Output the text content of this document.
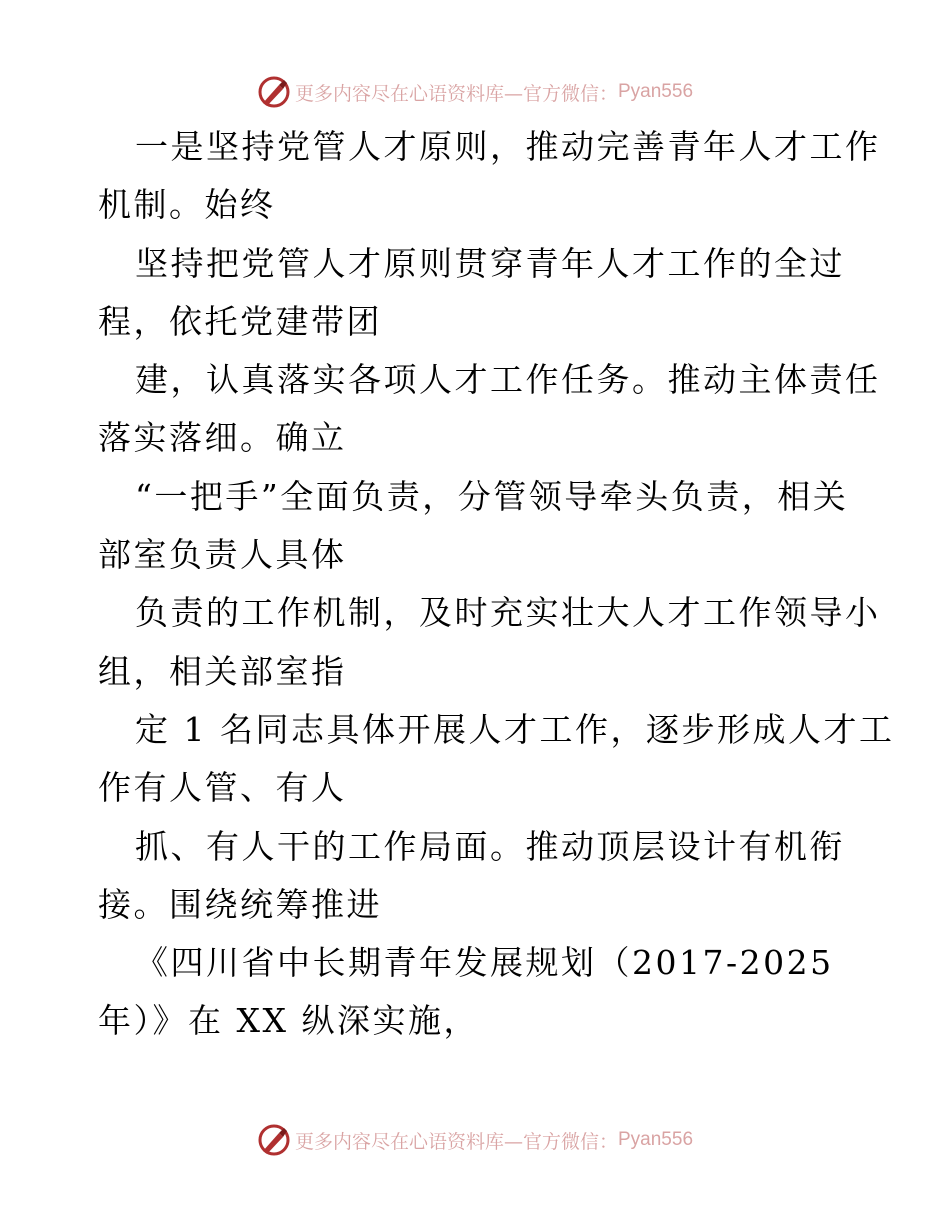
更多内容尽在心语资料库—官方微信： Pyan556
一是坚持党管人才原则，推动完善青年人才工作
机制。始终
坚持把党管人才原则贯穿青年人才工作的全过
程，依托党建带团
建，认真落实各项人才工作任务。推动主体责任
落实落细。确立
“一把手”全面负责，分管领导牵头负责，相关
部室负责人具体
负责的工作机制，及时充实壮大人才工作领导小
组，相关部室指
定 1 名同志具体开展人才工作，逐步形成人才工
作有人管、有人
抓、有人干的工作局面。推动顶层设计有机衔
接。围绕统筹推进
《四川省中长期青年发展规划（2017-2025
年）》在 XX 纵深实施，
更多内容尽在心语资料库—官方微信： Pyan556
